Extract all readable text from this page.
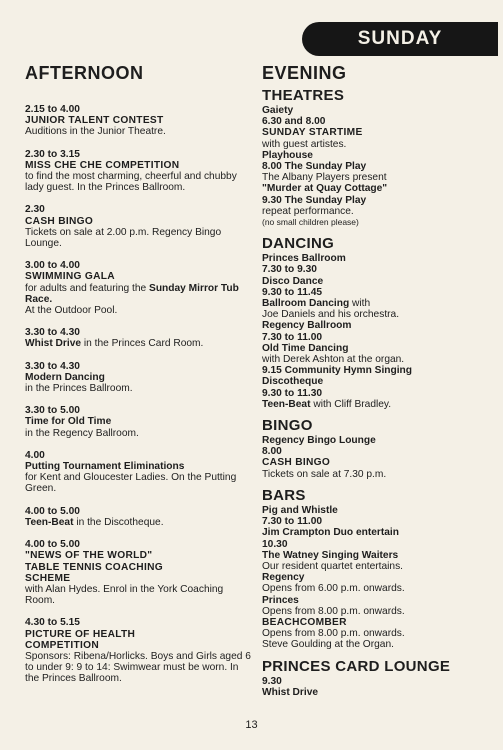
SUNDAY
AFTERNOON
2.15 to 4.00
JUNIOR TALENT CONTEST
Auditions in the Junior Theatre.
2.30 to 3.15
MISS CHE CHE COMPETITION
to find the most charming, cheerful and chubby lady guest. In the Princes Ballroom.
2.30
CASH BINGO
Tickets on sale at 2.00 p.m. Regency Bingo Lounge.
3.00 to 4.00
SWIMMING GALA
for adults and featuring the Sunday Mirror Tub Race.
At the Outdoor Pool.
3.30 to 4.30
Whist Drive in the Princes Card Room.
3.30 to 4.30
Modern Dancing
in the Princes Ballroom.
3.30 to 5.00
Time for Old Time
in the Regency Ballroom.
4.00
Putting Tournament Eliminations
for Kent and Gloucester Ladies. On the Putting Green.
4.00 to 5.00
Teen-Beat in the Discotheque.
4.00 to 5.00
"NEWS OF THE WORLD"
TABLE TENNIS COACHING
SCHEME
with Alan Hydes. Enrol in the York Coaching Room.
4.30 to 5.15
PICTURE OF HEALTH
COMPETITION
Sponsors: Ribena/Horlicks. Boys and Girls aged 6 to under 9: 9 to 14: Swimwear must be worn. In the Princes Ballroom.
EVENING
THEATRES
Gaiety
6.30 and 8.00
SUNDAY STARTIME
with guest artistes.
Playhouse
8.00 The Sunday Play
The Albany Players present
"Murder at Quay Cottage"
9.30 The Sunday Play
repeat performance.
(no small children please)
DANCING
Princes Ballroom
7.30 to 9.30
Disco Dance
9.30 to 11.45
Ballroom Dancing with
Joe Daniels and his orchestra.
Regency Ballroom
7.30 to 11.00
Old Time Dancing
with Derek Ashton at the organ.
9.15 Community Hymn Singing
Discotheque
9.30 to 11.30
Teen-Beat with Cliff Bradley.
BINGO
Regency Bingo Lounge
8.00
CASH BINGO
Tickets on sale at 7.30 p.m.
BARS
Pig and Whistle
7.30 to 11.00
Jim Crampton Duo entertain
10.30
The Watney Singing Waiters
Our resident quartet entertains.
Regency
Opens from 6.00 p.m. onwards.
Princes
Opens from 8.00 p.m. onwards.
BEACHCOMBER
Opens from 8.00 p.m. onwards.
Steve Goulding at the Organ.
PRINCES CARD LOUNGE
9.30
Whist Drive
13
